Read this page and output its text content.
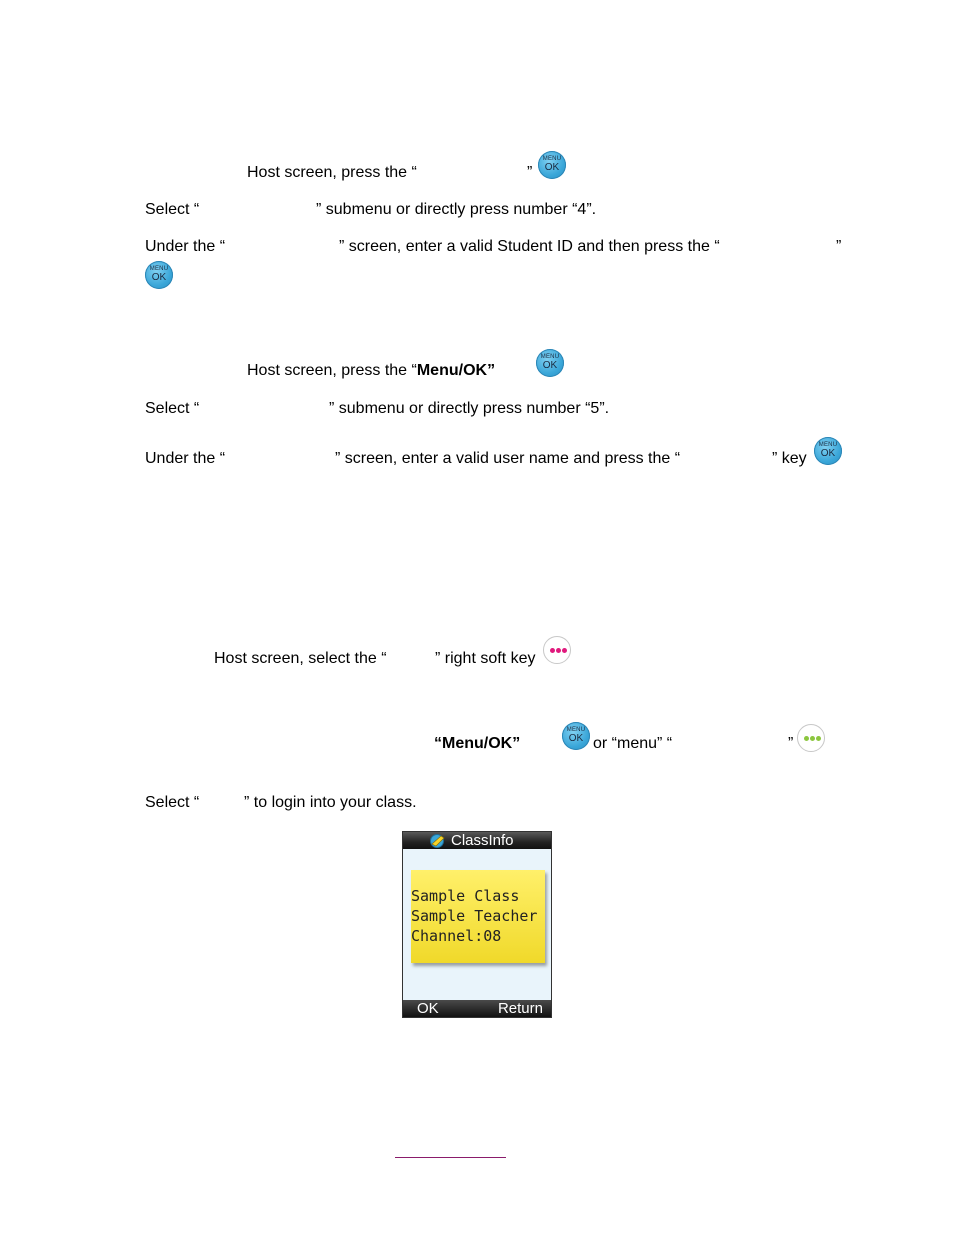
Host screen, press the “	”
MENU
OK
Select “	” submenu or directly press number “4”.
Under the “	” screen, enter a valid Student ID and then press the “	”
MENU
OK
Host screen, press the “Menu/OK”
MENU
OK
Select “	” submenu or directly press number “5”.
Under the “	” screen, enter a valid user name and press the “	” key
MENU
OK
Host screen, select the “	” right soft key
“Menu/OK”
MENU
OK or “menu” “	”
Select “	” to login into your class.
ClassInfo
Sample Class
Sample Teacher
Channel:08
OK	Return
